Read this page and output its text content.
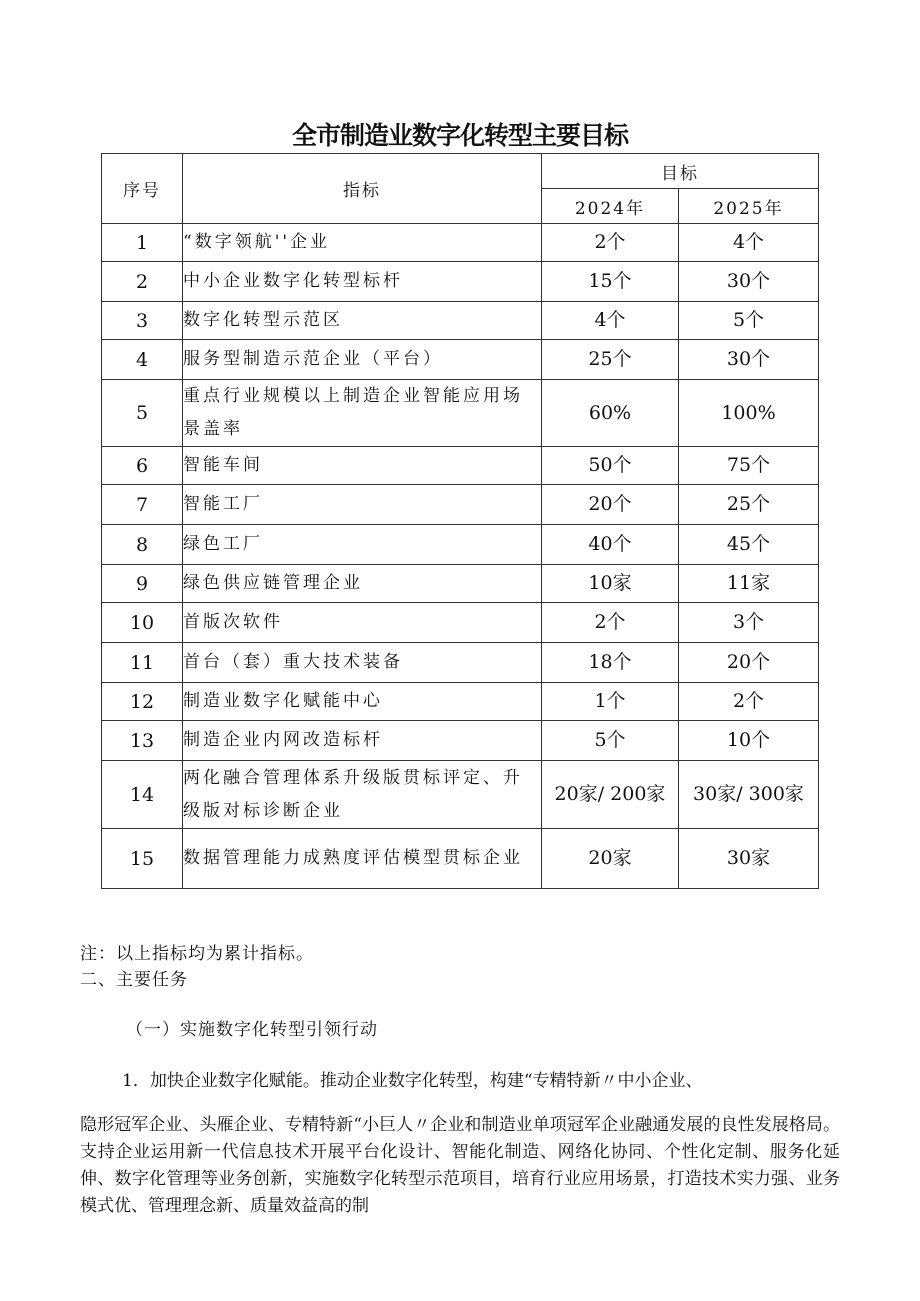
全市制造业数字化转型主要目标
序号	指标	目标	
		2024年	2025年
1	“数字领航''企业	2个	4个
2	中小企业数字化转型标杆	15个	30个
3	数字化转型示范区	4个	5个
4	服务型制造示范企业（平台）	25个	30个
5	重点行业规模以上制造企业智能应用场景盖率	60%	100%
6	智能车间	50个	75个
7	智能工厂	20个	25个
8	绿色工厂	40个	45个
9	绿色供应链管理企业	10家	11家
10	首版次软件	2个	3个
11	首台（套）重大技术装备	18个	20个
12	制造业数字化赋能中心	1个	2个
13	制造企业内网改造标杆	5个	10个
14	两化融合管理体系升级版贯标评定、升级版对标诊断企业	20家/ 200家	30家/ 300家
15	数据管理能力成熟度评估模型贯标企业	20家	30家
注：以上指标均为累计指标。
二、主要任务
（一）实施数字化转型引领行动
1．加快企业数字化赋能。推动企业数字化转型，构建“专精特新〃中小企业、
隐形冠军企业、头雁企业、专精特新“小巨人〃企业和制造业单项冠军企业融通发展的良性发展格局。支持企业运用新一代信息技术开展平台化设计、智能化制造、网络化协同、个性化定制、服务化延伸、数字化管理等业务创新，实施数字化转型示范项目，培育行业应用场景，打造技术实力强、业务模式优、管理理念新、质量效益高的制
